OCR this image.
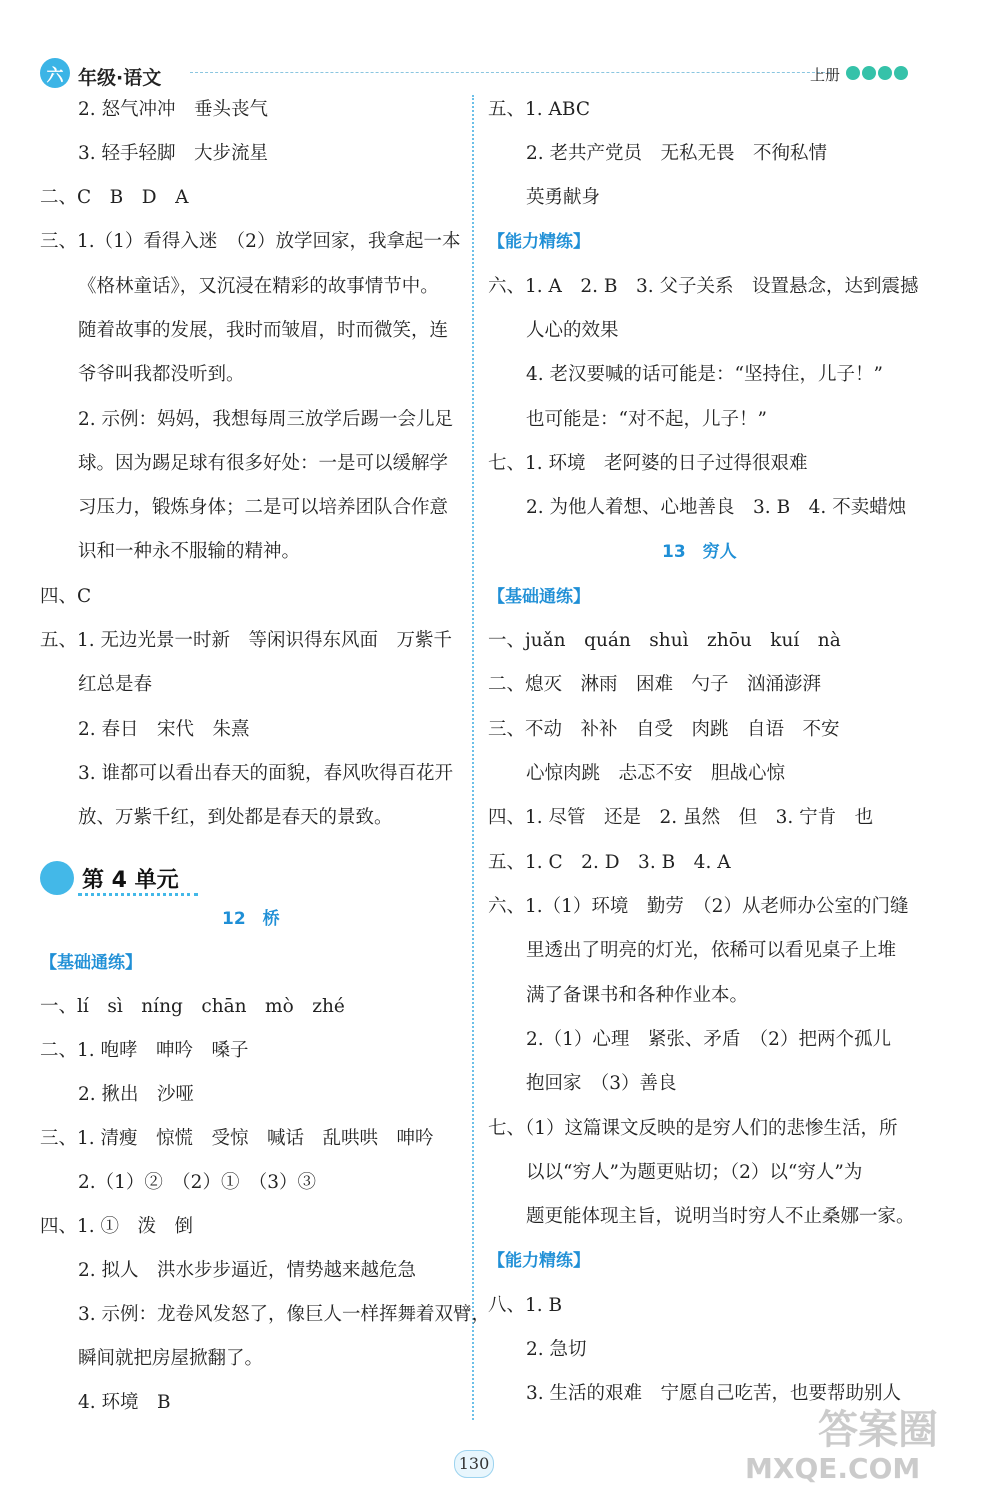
六 年级·语文	上册
2. 怒气冲冲　垂头丧气
3. 轻手轻脚　大步流星
二、C　B　D　A
三、1.（1）看得入迷　（2）放学回家，我拿起一本
《格林童话》，又沉浸在精彩的故事情节中。
随着故事的发展，我时而皱眉，时而微笑，连
爷爷叫我都没听到。
2. 示例：妈妈，我想每周三放学后踢一会儿足
球。因为踢足球有很多好处：一是可以缓解学
习压力，锻炼身体；二是可以培养团队合作意
识和一种永不服输的精神。
四、C
五、1. 无边光景一时新　等闲识得东风面　万紫千
红总是春
2. 春日　宋代　朱熹
3. 谁都可以看出春天的面貌，春风吹得百花开
放、万紫千红，到处都是春天的景致。
第 4 单元
12　桥
【基础通练】
一、lí　sì　níng　chān　mò　zhé
二、1. 咆哮　呻吟　嗓子
2. 揪出　沙哑
三、1. 清瘦　惊慌　受惊　喊话　乱哄哄　呻吟
2.（1）②　（2）①　（3）③
四、1. ①　泼　倒
2. 拟人　洪水步步逼近，情势越来越危急
3. 示例：龙卷风发怒了，像巨人一样挥舞着双臂，
瞬间就把房屋掀翻了。
4. 环境　B
五、1. ABC
2. 老共产党员　无私无畏　不徇私情
英勇献身
【能力精练】
六、1. A　2. B　3. 父子关系　设置悬念，达到震撼
人心的效果
4. 老汉要喊的话可能是：“坚持住，儿子！”
也可能是：“对不起，儿子！”
七、1. 环境　老阿婆的日子过得很艰难
2. 为他人着想、心地善良　3. B　4. 不卖蜡烛
13　穷人
【基础通练】
一、juǎn　quán　shuì　zhōu　kuí　nà
二、熄灭　淋雨　困难　勺子　汹涌澎湃
三、不动　补补　自受　肉跳　自语　不安
心惊肉跳　忐忑不安　胆战心惊
四、1. 尽管　还是　2. 虽然　但　3. 宁肯　也
五、1. C　2. D　3. B　4. A
六、1.（1）环境　勤劳　（2）从老师办公室的门缝
里透出了明亮的灯光，依稀可以看见桌子上堆
满了备课书和各种作业本。
2.（1）心理　紧张、矛盾　（2）把两个孤儿
抱回家　（3）善良
七、（1）这篇课文反映的是穷人们的悲惨生活，所
以以“穷人”为题更贴切；（2）以“穷人”为
题更能体现主旨，说明当时穷人不止桑娜一家。
【能力精练】
八、1. B
2. 急切
3. 生活的艰难　宁愿自己吃苦，也要帮助别人
130
答案圈
MXQE.COM
